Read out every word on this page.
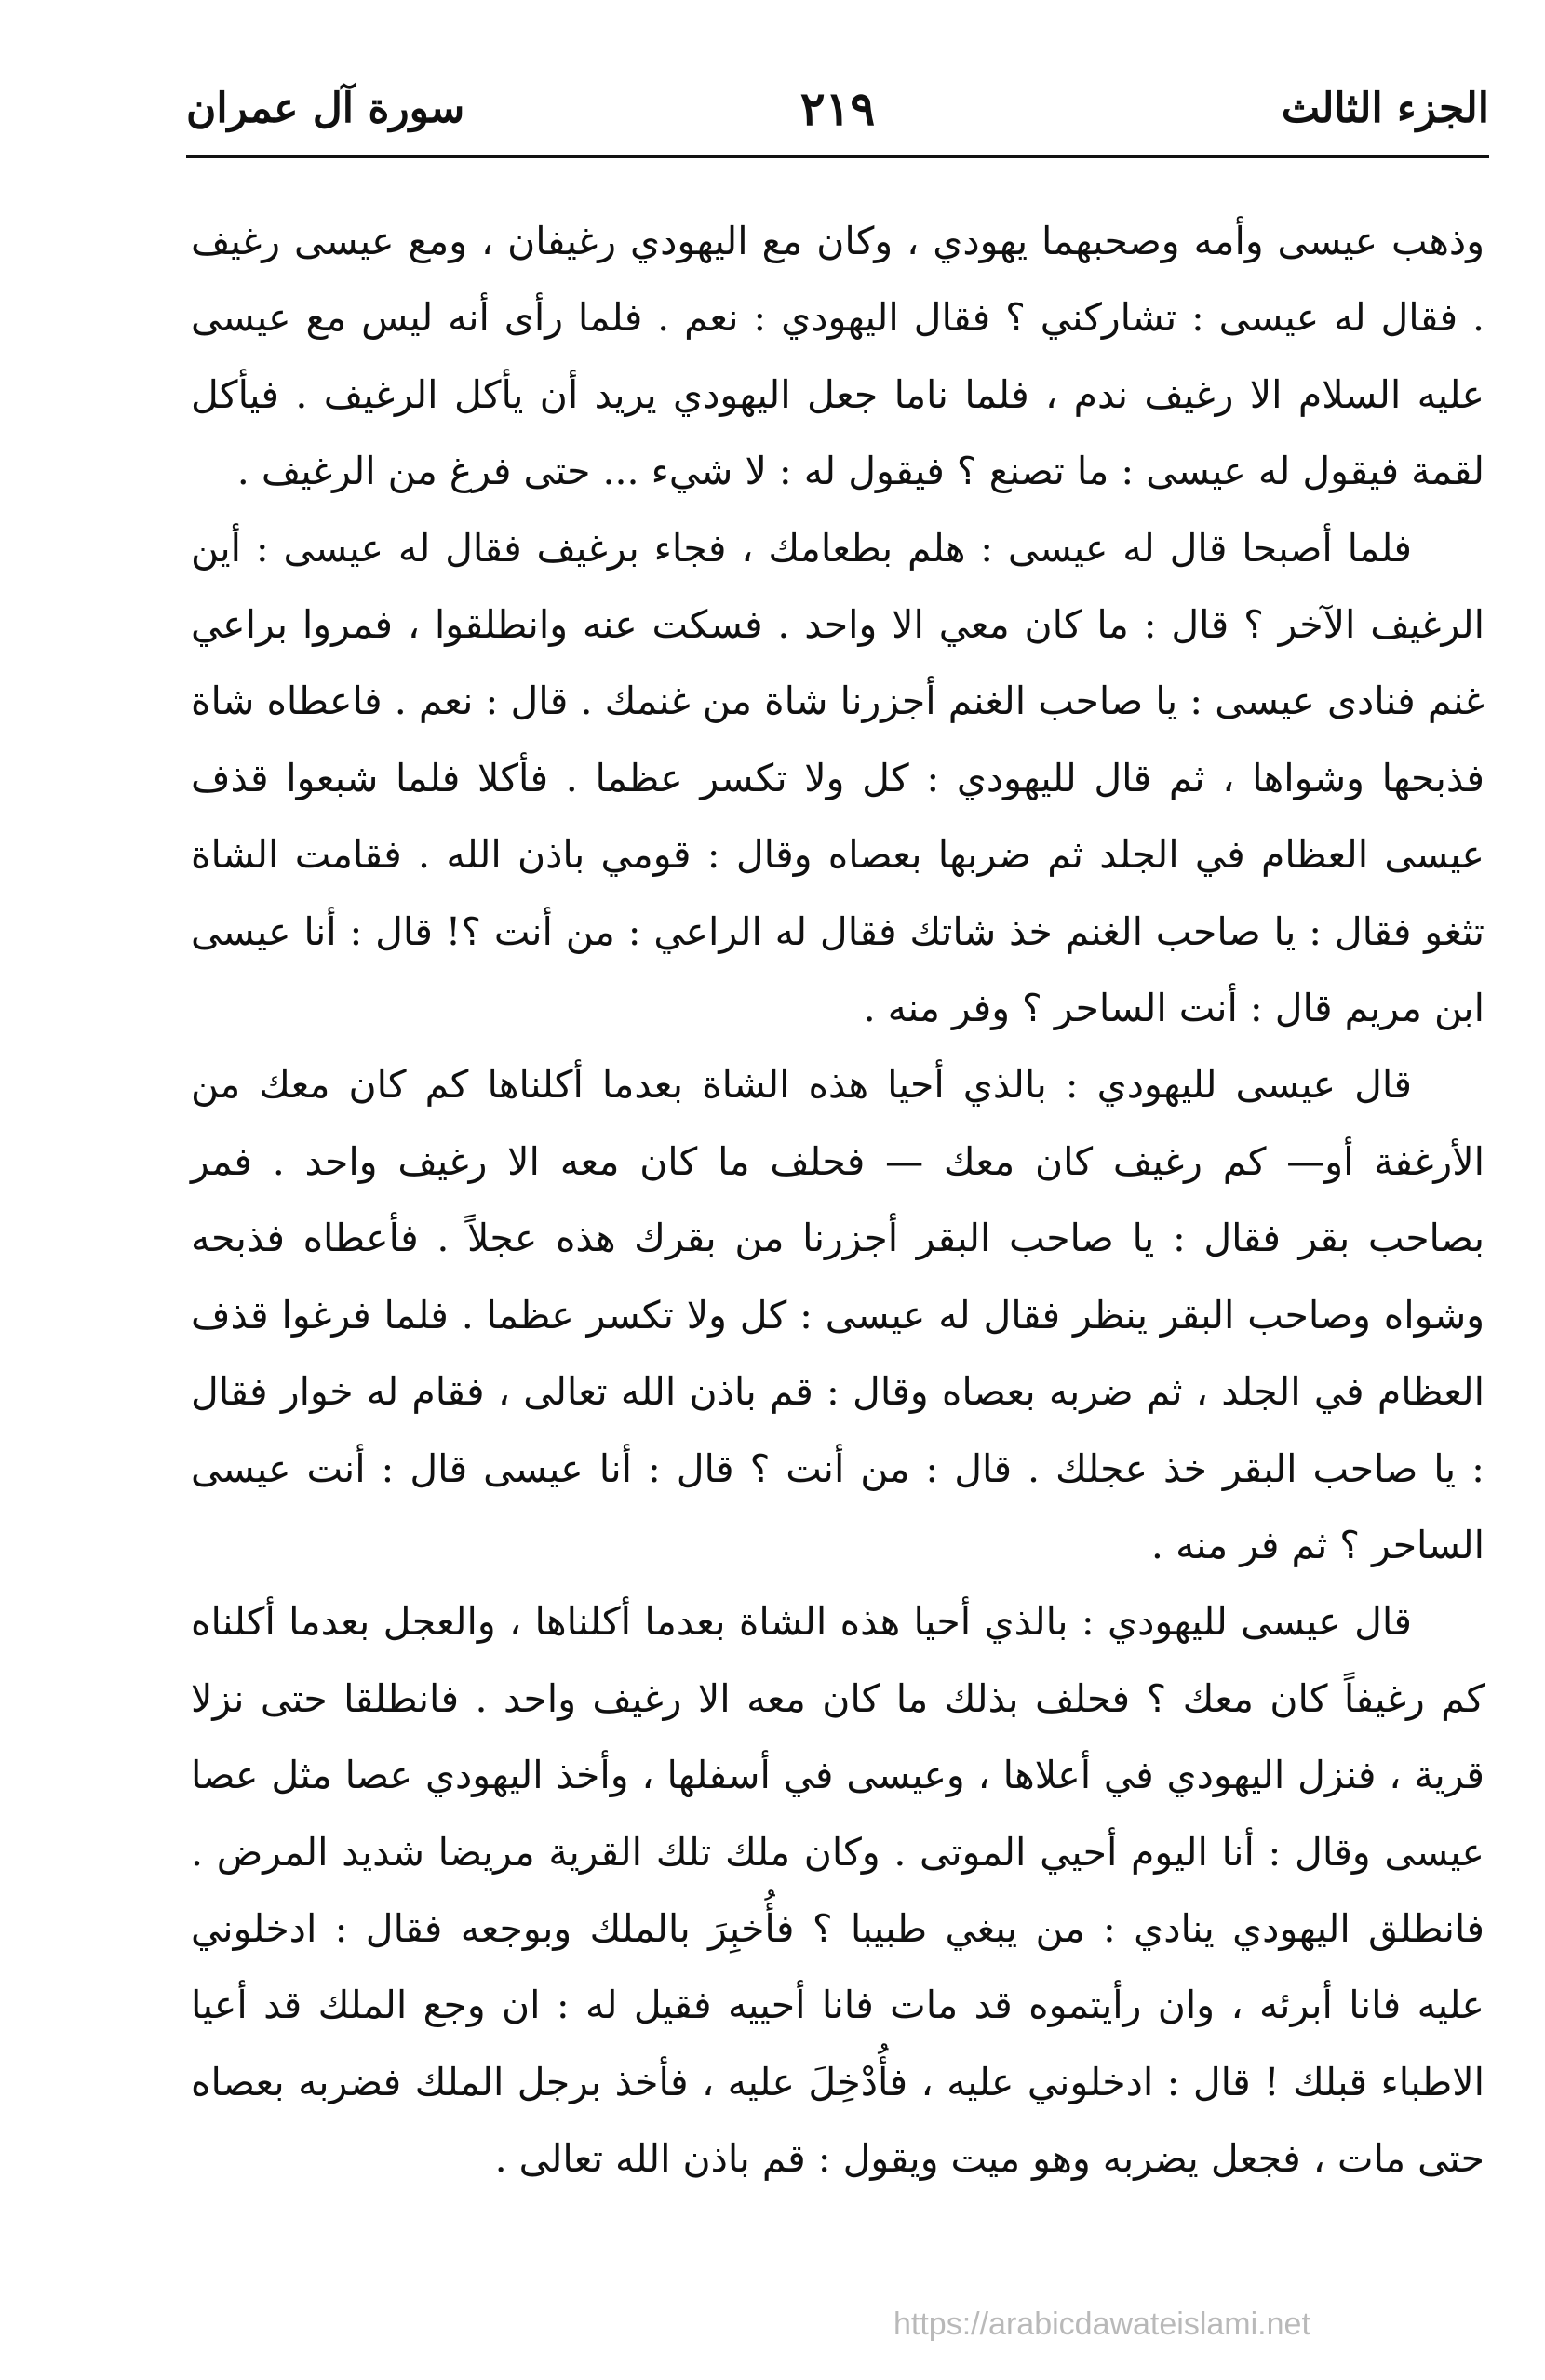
الجزء الثالث
٢١٩
سورة آل عمران

وذهب عيسى وأمه وصحبهما يهودي ، وكان مع اليهودي رغيفان ، ومع عيسى رغيف . فقال له عيسى : تشاركني ؟ فقال اليهودي : نعم . فلما رأى أنه ليس مع عيسى عليه السلام الا رغيف ندم ، فلما ناما جعل اليهودي يريد أن يأكل الرغيف . فيأكل لقمة فيقول له عيسى : ما تصنع ؟ فيقول له : لا شيء ... حتى فرغ من الرغيف .

فلما أصبحا قال له عيسى : هلم بطعامك ، فجاء برغيف فقال له عيسى : أين الرغيف الآخر ؟ قال : ما كان معي الا واحد . فسكت عنه وانطلقوا ، فمروا براعي غنم فنادى عيسى : يا صاحب الغنم أجزرنا شاة من غنمك . قال : نعم . فاعطاه شاة فذبحها وشواها ، ثم قال لليهودي : كل ولا تكسر عظما . فأكلا فلما شبعوا قذف عيسى العظام في الجلد ثم ضربها بعصاه وقال : قومي باذن الله . فقامت الشاة تثغو فقال : يا صاحب الغنم خذ شاتك فقال له الراعي : من أنت ؟! قال : أنا عيسى ابن مريم قال : أنت الساحر ؟ وفر منه .

قال عيسى لليهودي : بالذي أحيا هذه الشاة بعدما أكلناها كم كان معك من الأرغفة أو— كم رغيف كان معك — فحلف ما كان معه الا رغيف واحد . فمر بصاحب بقر فقال : يا صاحب البقر أجزرنا من بقرك هذه عجلاً . فأعطاه فذبحه وشواه وصاحب البقر ينظر فقال له عيسى : كل ولا تكسر عظما . فلما فرغوا قذف العظام في الجلد ، ثم ضربه بعصاه وقال : قم باذن الله تعالى ، فقام له خوار فقال : يا صاحب البقر خذ عجلك . قال : من أنت ؟ قال : أنا عيسى قال : أنت عيسى الساحر ؟ ثم فر منه .

قال عيسى لليهودي : بالذي أحيا هذه الشاة بعدما أكلناها ، والعجل بعدما أكلناه كم رغيفاً كان معك ؟ فحلف بذلك ما كان معه الا رغيف واحد . فانطلقا حتى نزلا قرية ، فنزل اليهودي في أعلاها ، وعيسى في أسفلها ، وأخذ اليهودي عصا مثل عصا عيسى وقال : أنا اليوم أحيي الموتى . وكان ملك تلك القرية مريضا شديد المرض . فانطلق اليهودي ينادي : من يبغي طبيبا ؟ فأُخبِرَ بالملك وبوجعه فقال : ادخلوني عليه فانا أبرئه ، وان رأيتموه قد مات فانا أحييه فقيل له : ان وجع الملك قد أعيا الاطباء قبلك ! قال : ادخلوني عليه ، فأُدْخِلَ عليه ، فأخذ برجل الملك فضربه بعصاه حتى مات ، فجعل يضربه وهو ميت ويقول : قم باذن الله تعالى .

https://arabicdawateislami.net
